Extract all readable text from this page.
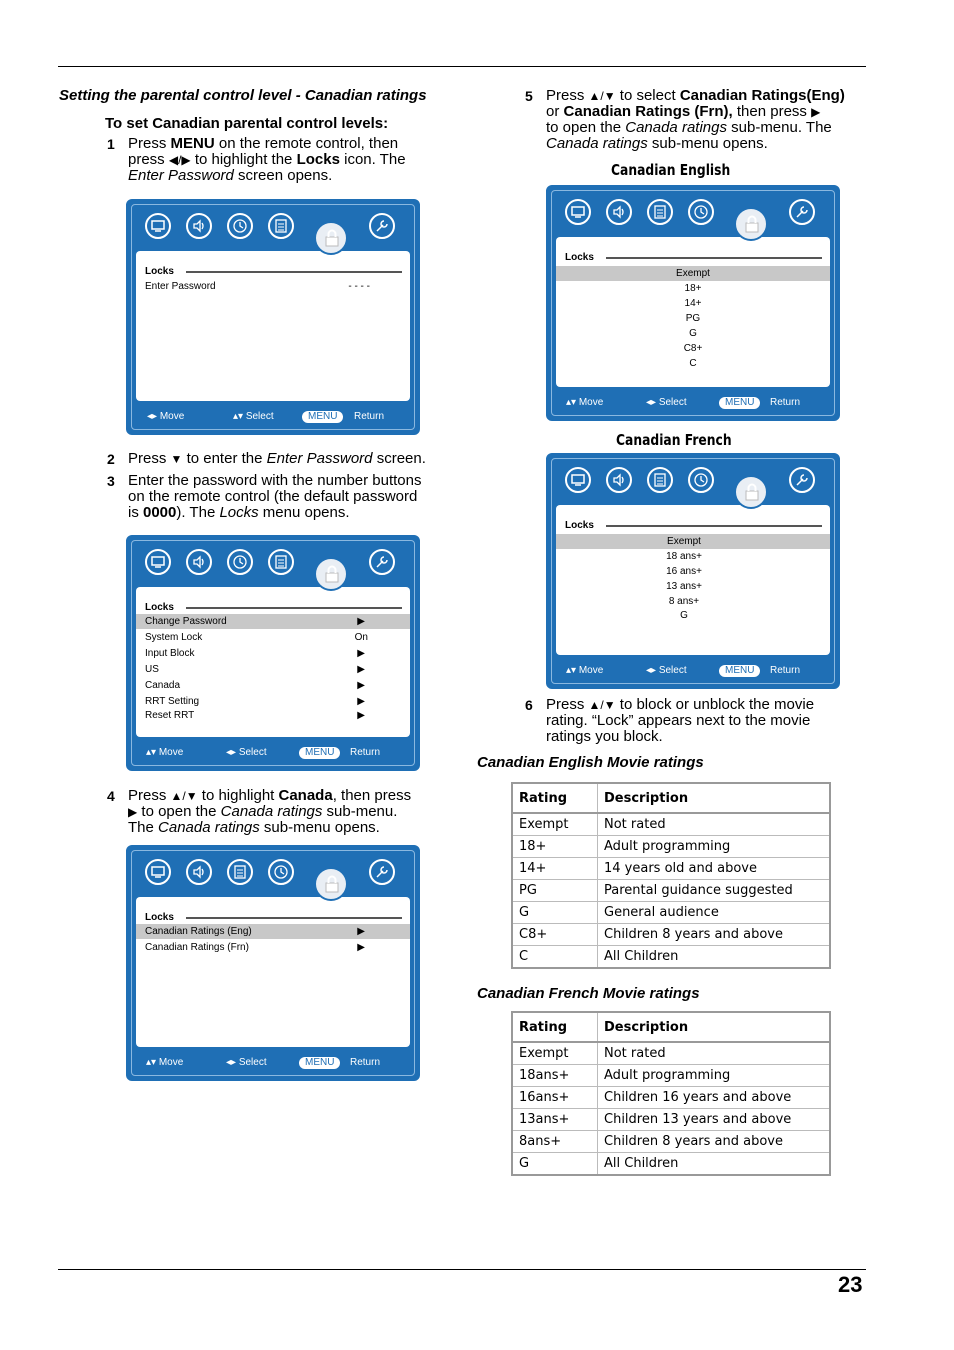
23
Setting the parental control level - Canadian ratings
To set Canadian parental control levels:
1 Press MENU on the remote control, then
press ◀/▶ to highlight the Locks icon. The
Enter Password screen opens.
Locks
Enter Password	- - - -
◂▸ Move	▴▾ Select	MENU	Return
2 Press ▼ to enter the Enter Password screen.
3 Enter the password with the number buttons
on the remote control (the default password
is 0000). The Locks menu opens.
Locks
Change Password	▶
System Lock	On
Input Block	▶
US	▶
Canada	▶
RRT Setting	▶
Reset RRT	▶
▴▾ Move	◂▸ Select	MENU	Return
4 Press ▲/▼ to highlight Canada, then press
▶ to open the Canada ratings sub-menu.
The Canada ratings sub-menu opens.
Locks
Canadian Ratings (Eng)	▶
Canadian Ratings (Frn)	▶
▴▾ Move	◂▸ Select	MENU	Return
5 Press ▲/▼ to select Canadian Ratings(Eng)
or Canadian Ratings (Frn), then press ▶
to open the Canada ratings sub-menu. The
Canada ratings sub-menu opens.
Canadian English
Locks
Exempt
18+
14+
PG
G
C8+
C
▴▾ Move	◂▸ Select	MENU	Return
Canadian French
Locks
Exempt
18 ans+
16 ans+
13 ans+
8 ans+
G
▴▾ Move	◂▸ Select	MENU	Return
6 Press ▲/▼ to block or unblock the movie
rating. “Lock” appears next to the movie
ratings you block.
Canadian English Movie ratings
Rating	Description
Exempt	Not rated
18+	Adult programming
14+	14 years old and above
PG	Parental guidance suggested
G	General audience
C8+	Children 8 years and above
C	All Children
Canadian French Movie ratings
Rating	Description
Exempt	Not rated
18ans+	Adult programming
16ans+	Children 16 years and above
13ans+	Children 13 years and above
8ans+	Children 8 years and above
G	All Children
